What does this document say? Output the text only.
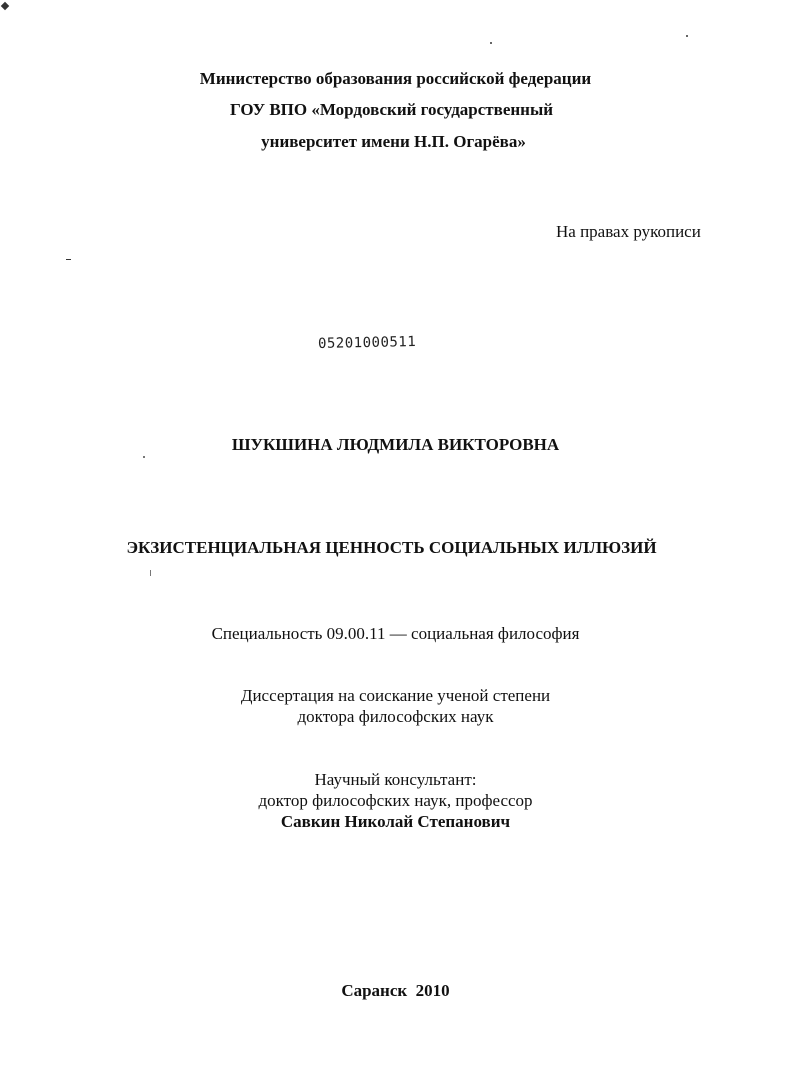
Министерство образования российской федерации
ГОУ ВПО «Мордовский государственный
университет имени Н.П. Огарёва»
На правах рукописи
05201000511
ШУКШИНА ЛЮДМИЛА ВИКТОРОВНА
ЭКЗИСТЕНЦИАЛЬНАЯ ЦЕННОСТЬ СОЦИАЛЬНЫХ ИЛЛЮЗИЙ
Специальность 09.00.11 — социальная философия
Диссертация на соискание ученой степени
доктора философских наук
Научный консультант:
доктор философских наук, профессор
Савкин Николай Степанович
Саранск  2010
